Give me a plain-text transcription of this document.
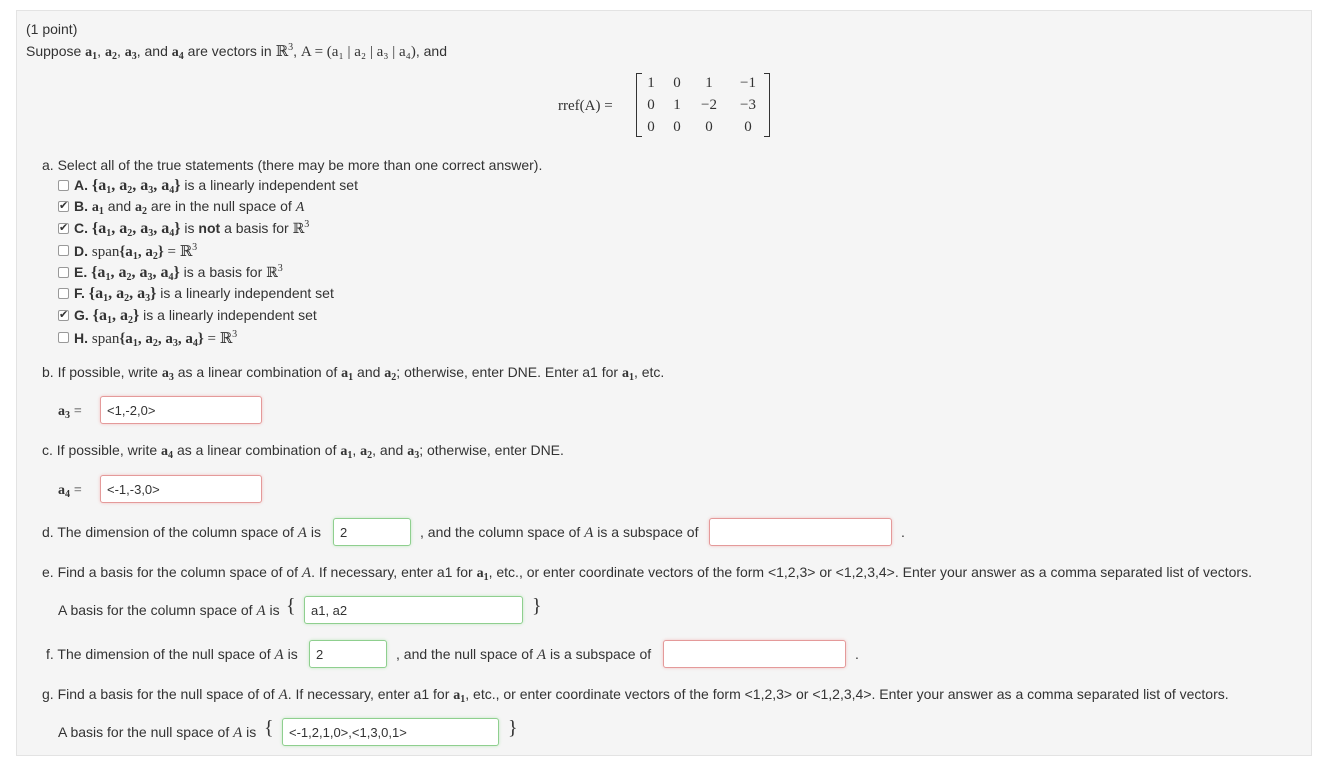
(1 point)
Suppose $a_1$, $a_2$, $a_3$, and $a_4$ are vectors in ℝ$^3$, A = (a₁ | a₂ | a₃ | a₄), and
rref(A) =
1	0	1	−1
0	1	−2	−3
0	0	0	0
a. Select all of the true statements (there may be more than one correct answer).
A. {$a_1$, $a_2$, $a_3$, $a_4$} is a linearly independent set
✔
B. $a_1$ and $a_2$ are in the null space of A
✔
C. {$a_1$, $a_2$, $a_3$, $a_4$} is not a basis for ℝ$^3$
D. $span\{a_1$, $a_2$} = ℝ$^3$
E. {$a_1$, $a_2$, $a_3$, $a_4$} is a basis for ℝ$^3$
F. {$a_1$, $a_2$, $a_3$} is a linearly independent set
✔
G. {$a_1$, $a_2$} is a linearly independent set
H. $span\{a_1$, $a_2$, $a_3$, $a_4$} = ℝ$^3$
b. If possible, write $a_3$ as a linear combination of $a_1$ and $a_2$; otherwise, enter DNE. Enter a1 for $a_1$, etc.
$a_3$ =
<1,-2,0>
c. If possible, write $a_4$ as a linear combination of $a_1$, $a_2$, and $a_3$; otherwise, enter DNE.
$a_4$ =
<-1,-3,0>
d. The dimension of the column space of A is
2	, and the column space of A is a subspace of	.
e. Find a basis for the column space of of A. If necessary, enter a1 for $a_1$, etc., or enter coordinate vectors of the form <1,2,3> or <1,2,3,4>. Enter your answer as a comma separated list of vectors.
A basis for the column space of A is {
a1, a2	}
f. The dimension of the null space of A is
2	, and the null space of A is a subspace of	.
g. Find a basis for the null space of of A. If necessary, enter a1 for $a_1$, etc., or enter coordinate vectors of the form <1,2,3> or <1,2,3,4>. Enter your answer as a comma separated list of vectors.
A basis for the null space of A is {
<-1,2,1,0>,<1,3,0,1>	}
